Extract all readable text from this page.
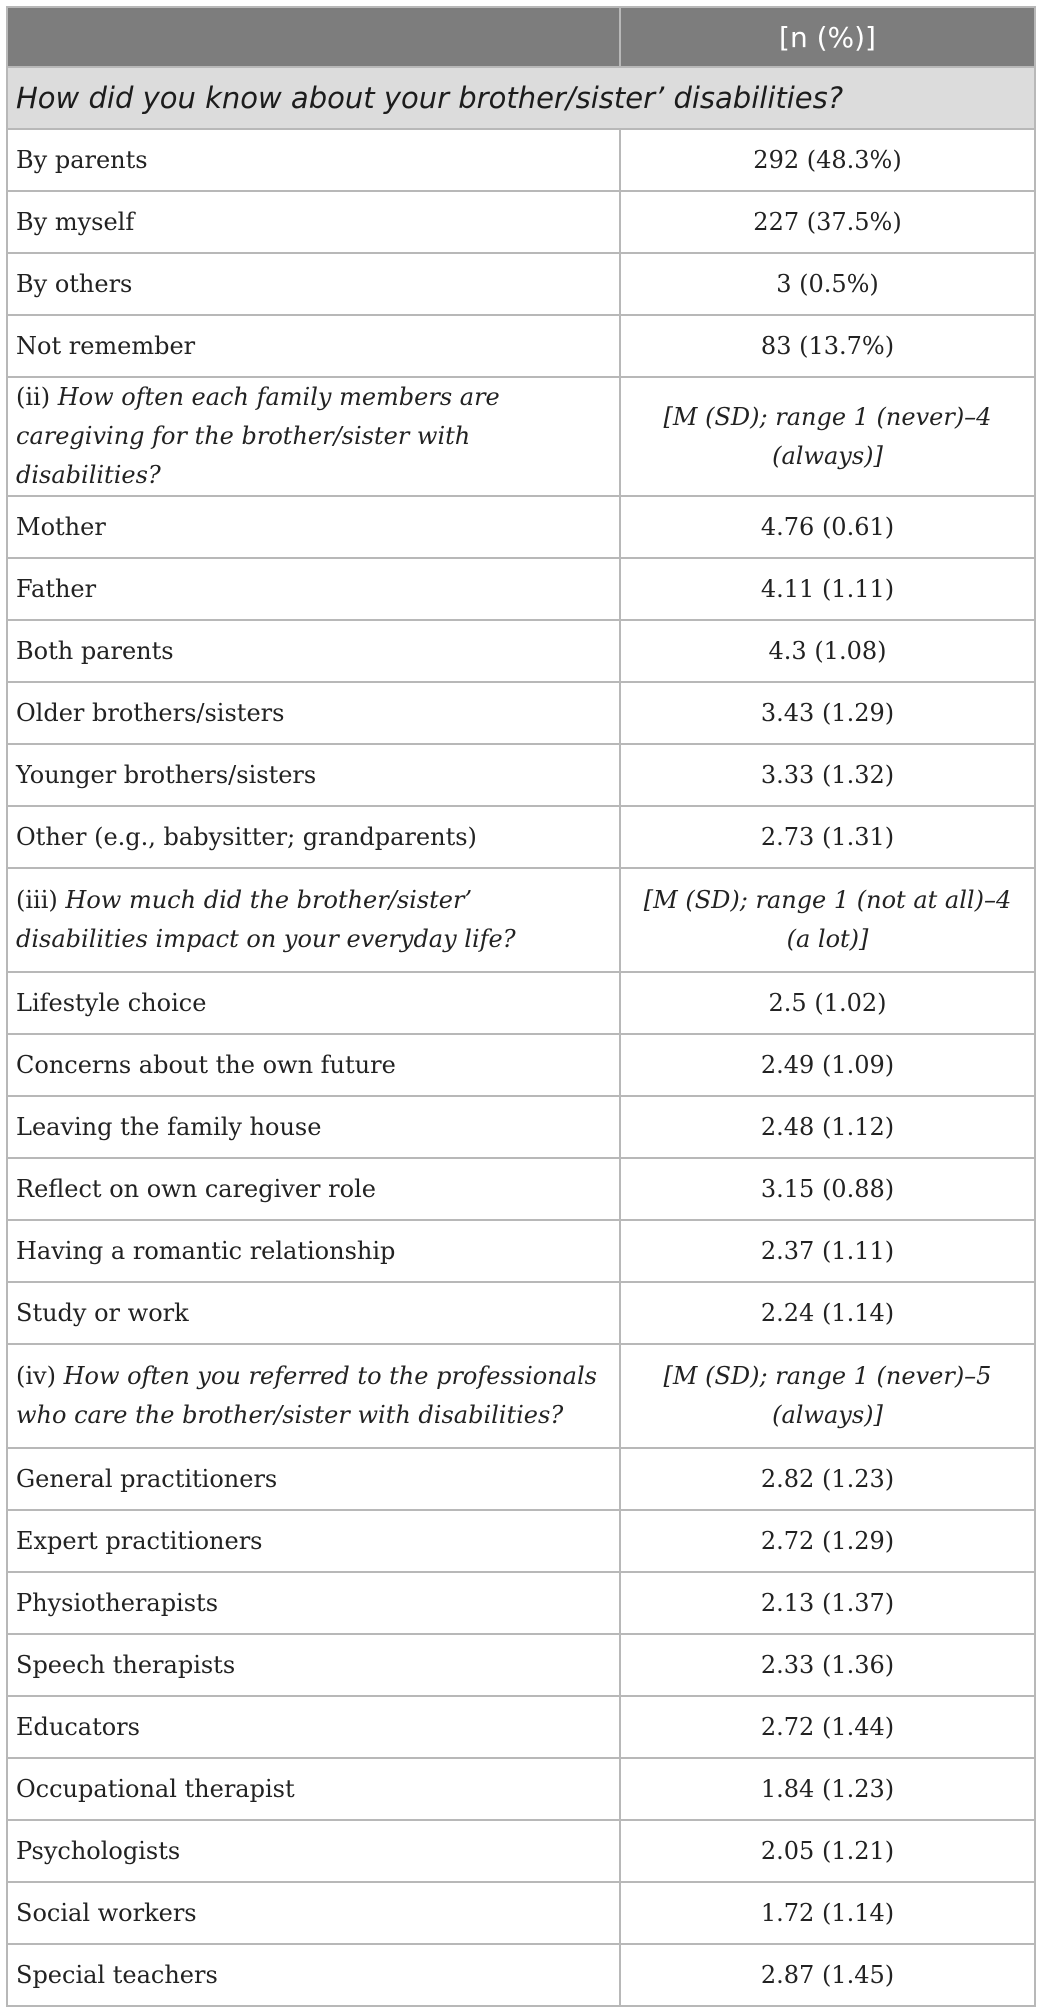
	[n (%)]
How did you know about your brother/sister’ disabilities?	
By parents	292 (48.3%)
By myself	227 (37.5%)
By others	3 (0.5%)
Not remember	83 (13.7%)
(ii) How often each family members are caregiving for the brother/sister with disabilities?	[M (SD); range 1 (never)–4 (always)]
Mother	4.76 (0.61)
Father	4.11 (1.11)
Both parents	4.3 (1.08)
Older brothers/sisters	3.43 (1.29)
Younger brothers/sisters	3.33 (1.32)
Other (e.g., babysitter; grandparents)	2.73 (1.31)
(iii) How much did the brother/sister’ disabilities impact on your everyday life?	[M (SD); range 1 (not at all)–4 (a lot)]
Lifestyle choice	2.5 (1.02)
Concerns about the own future	2.49 (1.09)
Leaving the family house	2.48 (1.12)
Reflect on own caregiver role	3.15 (0.88)
Having a romantic relationship	2.37 (1.11)
Study or work	2.24 (1.14)
(iv) How often you referred to the professionals who care the brother/sister with disabilities?	[M (SD); range 1 (never)–5 (always)]
General practitioners	2.82 (1.23)
Expert practitioners	2.72 (1.29)
Physiotherapists	2.13 (1.37)
Speech therapists	2.33 (1.36)
Educators	2.72 (1.44)
Occupational therapist	1.84 (1.23)
Psychologists	2.05 (1.21)
Social workers	1.72 (1.14)
Special teachers	2.87 (1.45)
